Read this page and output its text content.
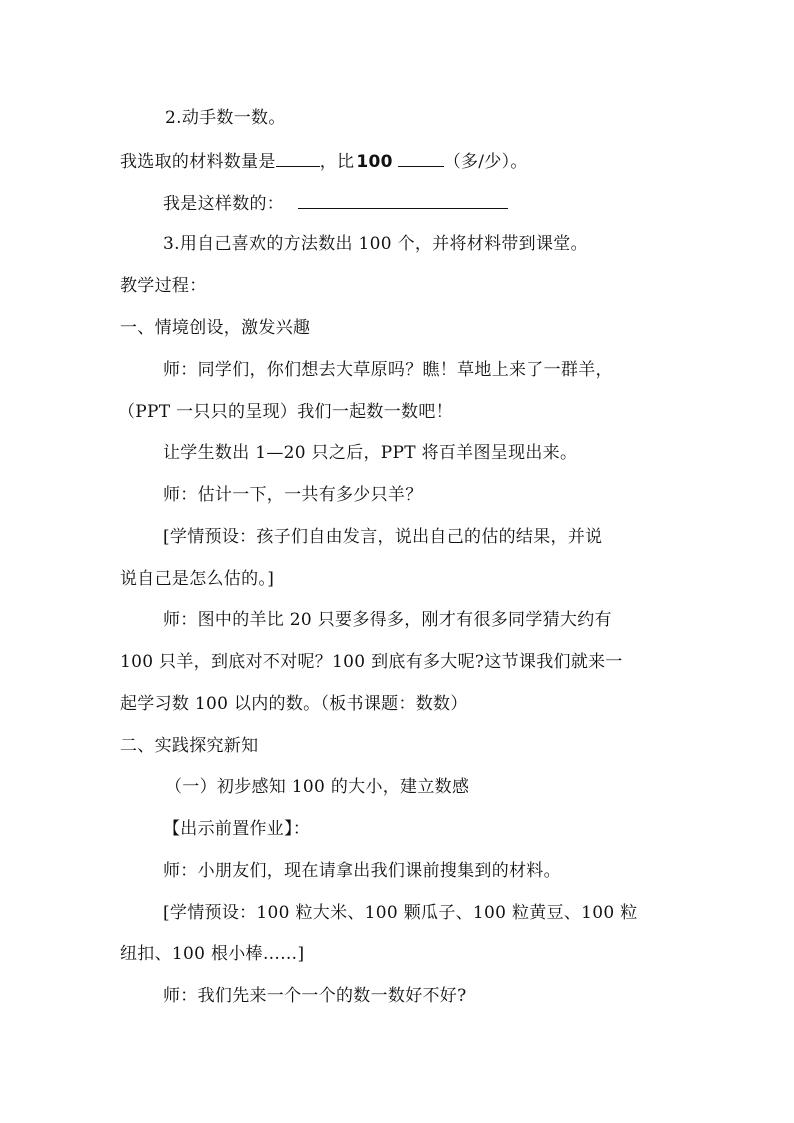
2.动手数一数。
我选取的材料数量是	，比 100	（多/少）。
我是这样数的：
3.用自己喜欢的方法数出 100 个，并将材料带到课堂。
教学过程：
一、情境创设，激发兴趣
师：同学们，你们想去大草原吗？瞧！草地上来了一群羊，
（PPT 一只只的呈现）我们一起数一数吧！
让学生数出 1—20 只之后，PPT 将百羊图呈现出来。
师：估计一下，一共有多少只羊？
[学情预设：孩子们自由发言，说出自己的估的结果，并说
说自己是怎么估的。]
师：图中的羊比 20 只要多得多，刚才有很多同学猜大约有
100 只羊，到底对不对呢？100 到底有多大呢?这节课我们就来一
起学习数 100 以内的数。（板书课题：数数）
二、实践探究新知
（一）初步感知 100 的大小，建立数感
【出示前置作业】：
师：小朋友们，现在请拿出我们课前搜集到的材料。
[学情预设：100 粒大米、100 颗瓜子、100 粒黄豆、100 粒
纽扣、100 根小棒……]
师：我们先来一个一个的数一数好不好?
